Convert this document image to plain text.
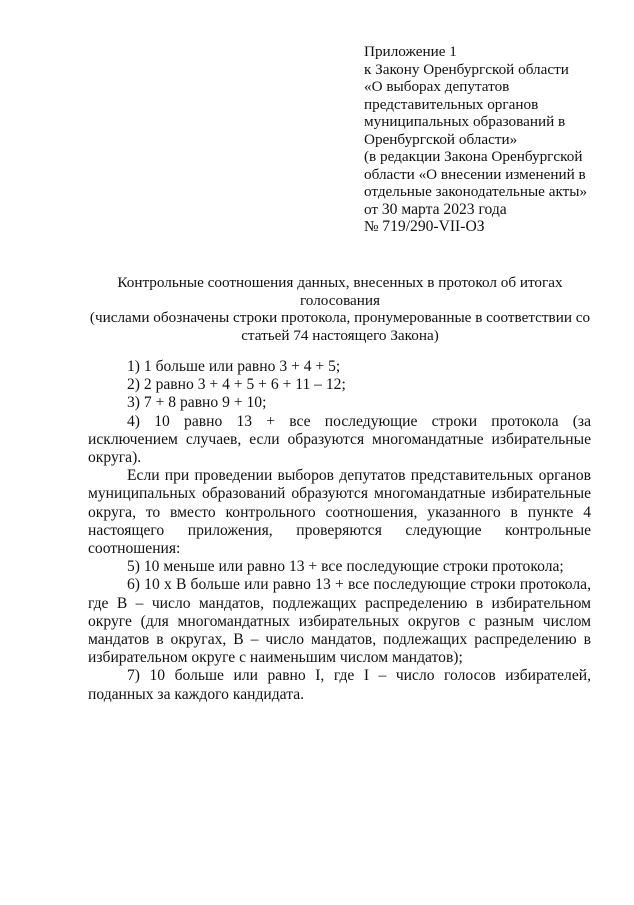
Приложение 1
к Закону Оренбургской области
«О выборах депутатов
представительных органов
муниципальных образований в
Оренбургской области»
(в редакции Закона Оренбургской
области «О внесении изменений в
отдельные законодательные акты»
от 30 марта 2023 года
№ 719/290-VII-ОЗ
Контрольные соотношения данных, внесенных в протокол об итогах
голосования
(числами обозначены строки протокола, пронумерованные в соответствии со
статьей 74 настоящего Закона)

1) 1 больше или равно 3 + 4 + 5;

2) 2 равно 3 + 4 + 5 + 6 + 11 – 12;

3) 7 + 8 равно 9 + 10;

4) 10 равно 13 + все последующие строки протокола (за исключением случаев, если образуются многомандатные избирательные округа).

Если при проведении выборов депутатов представительных органов муниципальных образований образуются многомандатные избирательные округа, то вместо контрольного соотношения, указанного в пункте 4 настоящего приложения, проверяются следующие контрольные соотношения:

5) 10 меньше или равно 13 + все последующие строки протокола;

6) 10 х В больше или равно 13 + все последующие строки протокола, где В – число мандатов, подлежащих распределению в избирательном округе (для многомандатных избирательных округов с разным числом мандатов в округах, В – число мандатов, подлежащих распределению в избирательном округе с наименьшим числом мандатов);

7) 10 больше или равно I, где I – число голосов избирателей, поданных за каждого кандидата.
